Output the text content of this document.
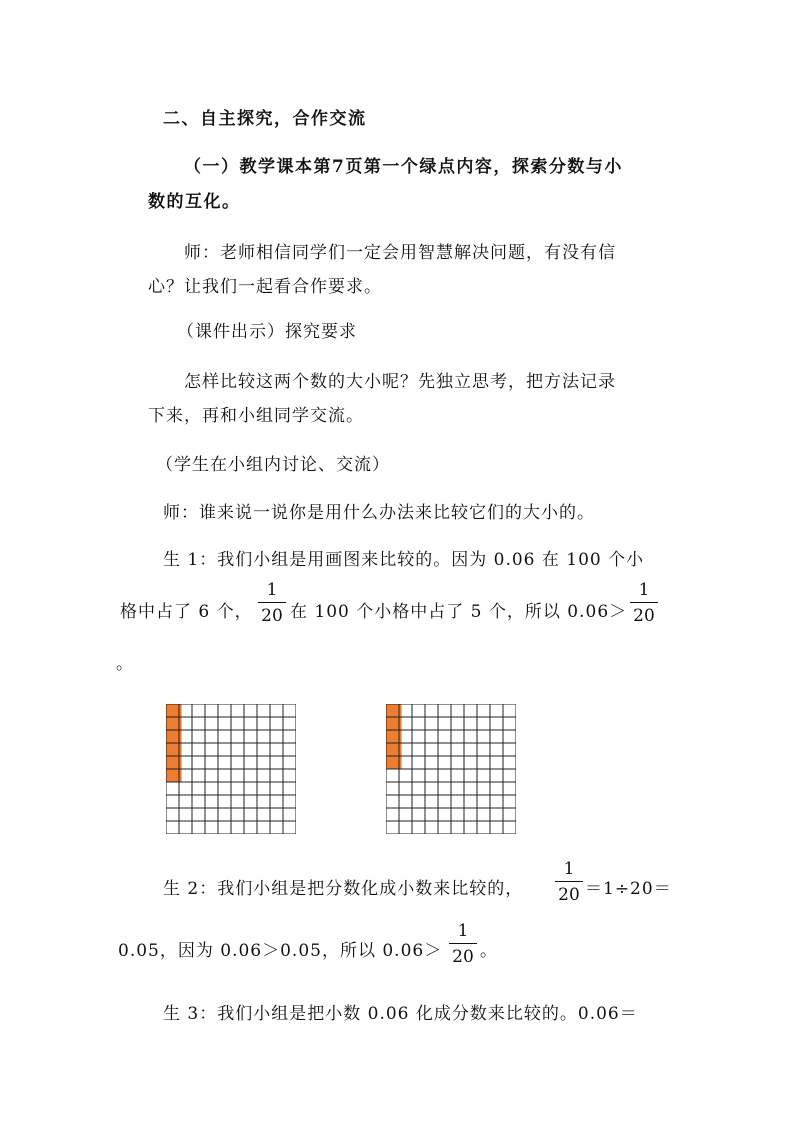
二、自主探究，合作交流
（一）教学课本第7页第一个绿点内容，探索分数与小
数的互化。
师：老师相信同学们一定会用智慧解决问题，有没有信
心？让我们一起看合作要求。
（课件出示）探究要求
怎样比较这两个数的大小呢？先独立思考，把方法记录
下来，再和小组同学交流。
（学生在小组内讨论、交流）
师：谁来说一说你是用什么办法来比较它们的大小的。
生 1：我们小组是用画图来比较的。因为 0.06 在 100 个小
格中占了 6 个，
1
20 在 100 个小格中占了 5 个，所以 0.06＞
1
20
。
生 2：我们小组是把分数化成小数来比较的，
1
20 ＝1÷20＝
0.05，因为 0.06＞0.05，所以 0.06＞
1
20 。
生 3：我们小组是把小数 0.06 化成分数来比较的。0.06＝
